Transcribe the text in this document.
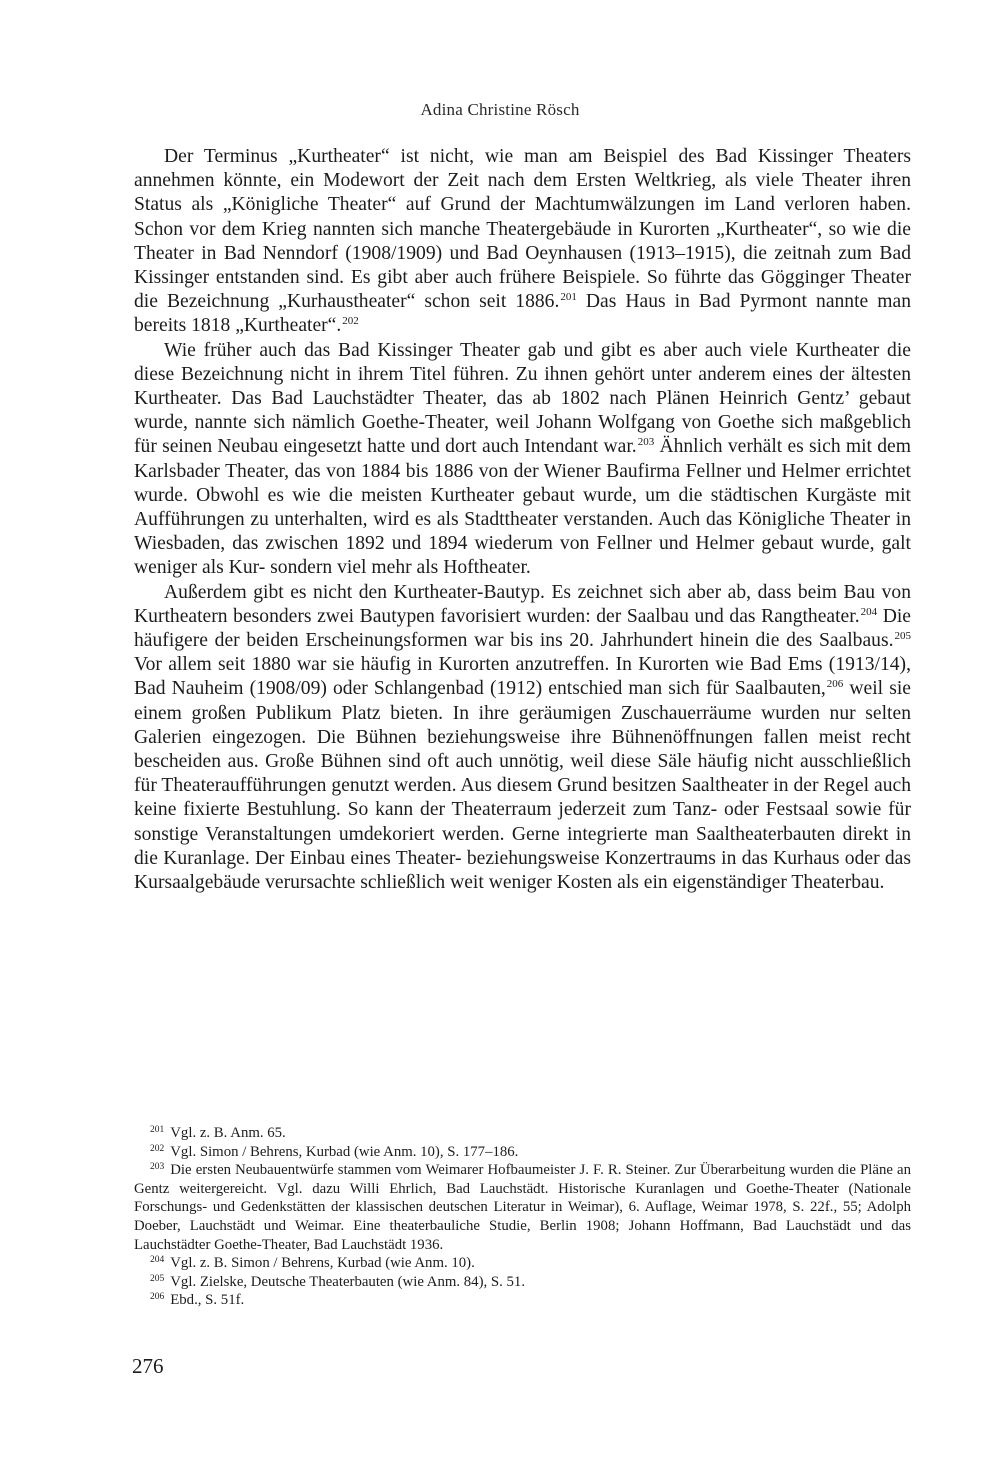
Adina Christine Rösch

Der Terminus „Kurtheater“ ist nicht, wie man am Beispiel des Bad Kissinger Theaters annehmen könnte, ein Modewort der Zeit nach dem Ersten Weltkrieg, als viele Theater ihren Status als „Königliche Theater“ auf Grund der Machtumwälzungen im Land verloren haben. Schon vor dem Krieg nannten sich manche Theatergebäude in Kurorten „Kurtheater“, so wie die Theater in Bad Nenndorf (1908/1909) und Bad Oeynhausen (1913–1915), die zeitnah zum Bad Kissinger entstanden sind. Es gibt aber auch frühere Beispiele. So führte das Gögginger Theater die Bezeichnung „Kurhaustheater“ schon seit 1886.$^{201}$ Das Haus in Bad Pyrmont nannte man bereits 1818 „Kurtheater“.$^{202}$

Wie früher auch das Bad Kissinger Theater gab und gibt es aber auch viele Kurtheater die diese Bezeichnung nicht in ihrem Titel führen. Zu ihnen gehört unter anderem eines der ältesten Kurtheater. Das Bad Lauchstädter Theater, das ab 1802 nach Plänen Heinrich Gentz’ gebaut wurde, nannte sich nämlich Goethe-Theater, weil Johann Wolfgang von Goethe sich maßgeblich für seinen Neubau eingesetzt hatte und dort auch Intendant war.$^{203}$ Ähnlich verhält es sich mit dem Karlsbader Theater, das von 1884 bis 1886 von der Wiener Baufirma Fellner und Helmer errichtet wurde. Obwohl es wie die meisten Kurtheater gebaut wurde, um die städtischen Kurgäste mit Aufführungen zu unterhalten, wird es als Stadttheater verstanden. Auch das Königliche Theater in Wiesbaden, das zwischen 1892 und 1894 wiederum von Fellner und Helmer gebaut wurde, galt weniger als Kur- sondern viel mehr als Hoftheater.

Außerdem gibt es nicht den Kurtheater-Bautyp. Es zeichnet sich aber ab, dass beim Bau von Kurtheatern besonders zwei Bautypen favorisiert wurden: der Saalbau und das Rangtheater.$^{204}$ Die häufigere der beiden Erscheinungsformen war bis ins 20. Jahrhundert hinein die des Saalbaus.$^{205}$ Vor allem seit 1880 war sie häufig in Kurorten anzutreffen. In Kurorten wie Bad Ems (1913/14), Bad Nauheim (1908/09) oder Schlangenbad (1912) entschied man sich für Saalbauten,$^{206}$ weil sie einem großen Publikum Platz bieten. In ihre geräumigen Zuschauerräume wurden nur selten Galerien eingezogen. Die Bühnen beziehungsweise ihre Bühnenöffnungen fallen meist recht bescheiden aus. Große Bühnen sind oft auch unnötig, weil diese Säle häufig nicht ausschließlich für Theateraufführungen genutzt werden. Aus diesem Grund besitzen Saaltheater in der Regel auch keine fixierte Bestuhlung. So kann der Theaterraum jederzeit zum Tanz- oder Festsaal sowie für sonstige Veranstaltungen umdekoriert werden. Gerne integrierte man Saaltheaterbauten direkt in die Kuranlage. Der Einbau eines Theater- beziehungsweise Konzertraums in das Kurhaus oder das Kursaalgebäude verursachte schließlich weit weniger Kosten als ein eigenständiger Theaterbau.

$^{201}$ Vgl. z. B. Anm. 65.

$^{202}$ Vgl. Simon / Behrens, Kurbad (wie Anm. 10), S. 177–186.

$^{203}$ Die ersten Neubauentwürfe stammen vom Weimarer Hofbaumeister J. F. R. Steiner. Zur Überarbeitung wurden die Pläne an Gentz weitergereicht. Vgl. dazu Willi Ehrlich, Bad Lauchstädt. Historische Kuranlagen und Goethe-Theater (Nationale Forschungs- und Gedenkstätten der klassischen deutschen Literatur in Weimar), 6. Auflage, Weimar 1978, S. 22f., 55; Adolph Doeber, Lauchstädt und Weimar. Eine theaterbauliche Studie, Berlin 1908; Johann Hoffmann, Bad Lauchstädt und das Lauchstädter Goethe-Theater, Bad Lauchstädt 1936.

$^{204}$ Vgl. z. B. Simon / Behrens, Kurbad (wie Anm. 10).

$^{205}$ Vgl. Zielske, Deutsche Theaterbauten (wie Anm. 84), S. 51.

$^{206}$ Ebd., S. 51f.

276
